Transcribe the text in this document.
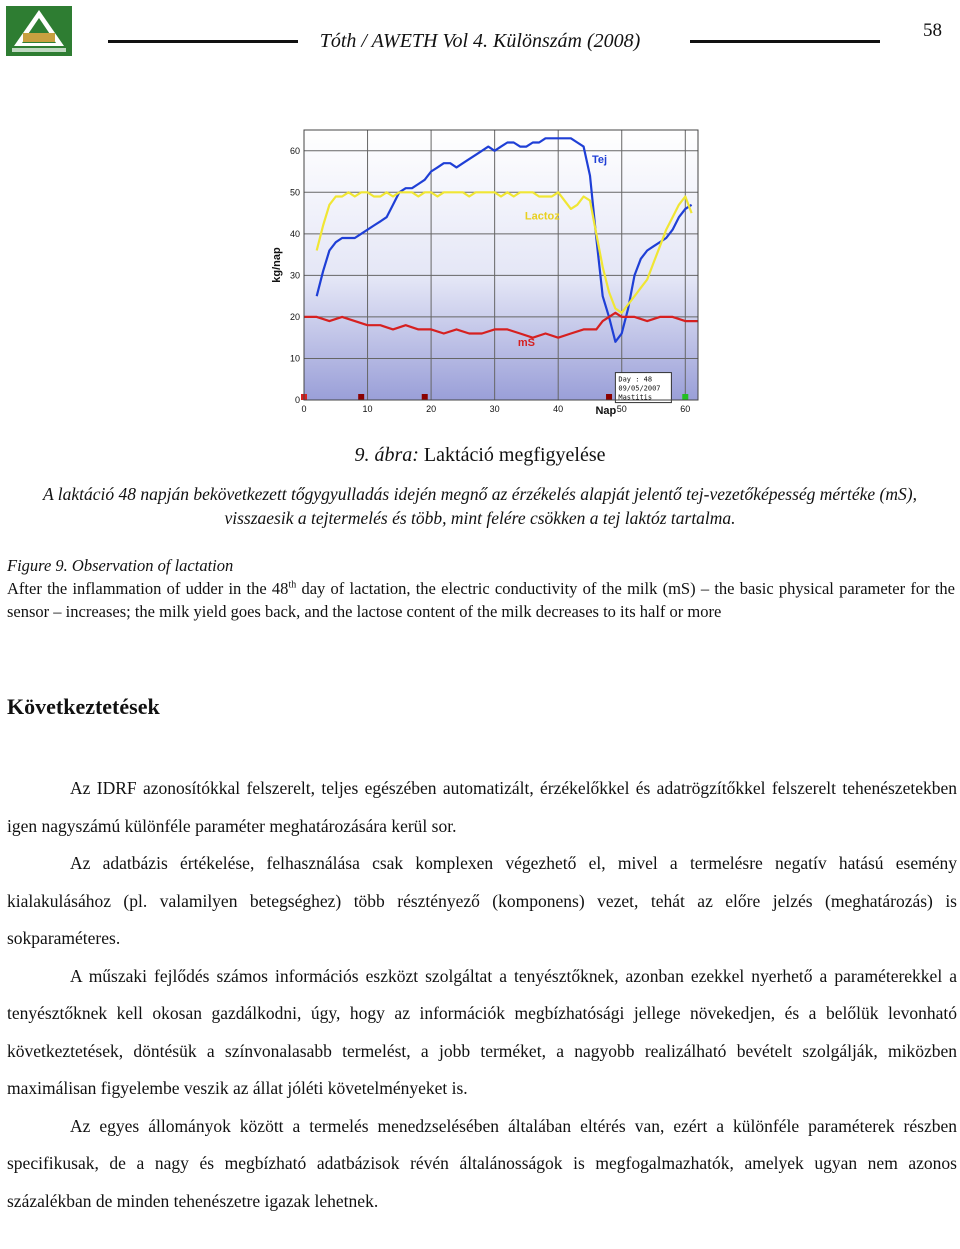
Tóth / AWETH Vol 4. Különszám (2008)	58
Tej
Lactoz
mS
Day : 48
09/05/2007
Mastitis
0	10	20	30	40	50	60
0
10
20
30
40
50
60
kg/nap
Nap
9. ábra: Laktáció megfigyelése
A laktáció 48 napján bekövetkezett tőgygyulladás idején megnő az érzékelés alapját jelentő tej-vezetőképesség mértéke (mS), visszaesik a tejtermelés és több, mint felére csökken a tej laktóz tartalma.
Figure 9. Observation of lactation
After the inflammation of udder in the 48th day of lactation, the electric conductivity of the milk (mS) – the basic physical parameter for the sensor – increases; the milk yield goes back, and the lactose content of the milk decreases to its half or more
Következtetések

Az IDRF azonosítókkal felszerelt, teljes egészében automatizált, érzékelőkkel és adatrögzítőkkel felszerelt tehenészetekben igen nagyszámú különféle paraméter meghatározására kerül sor.

Az adatbázis értékelése, felhasználása csak komplexen végezhető el, mivel a termelésre negatív hatású esemény kialakulásához (pl. valamilyen betegséghez) több résztényező (komponens) vezet, tehát az előre jelzés (meghatározás) is sokparaméteres.

A műszaki fejlődés számos információs eszközt szolgáltat a tenyésztőknek, azonban ezekkel nyerhető a paraméterekkel a tenyésztőknek kell okosan gazdálkodni, úgy, hogy az információk megbízhatósági jellege növekedjen, és a belőlük levonható következtetések, döntésük a színvonalasabb termelést, a jobb terméket, a nagyobb realizálható bevételt szolgálják, miközben maximálisan figyelembe veszik az állat jóléti követelményeket is.

Az egyes állományok között a termelés menedzselésében általában eltérés van, ezért a különféle paraméterek részben specifikusak, de a nagy és megbízható adatbázisok révén általánosságok is megfogalmazhatók, amelyek ugyan nem azonos százalékban de minden tehenészetre igazak lehetnek.
